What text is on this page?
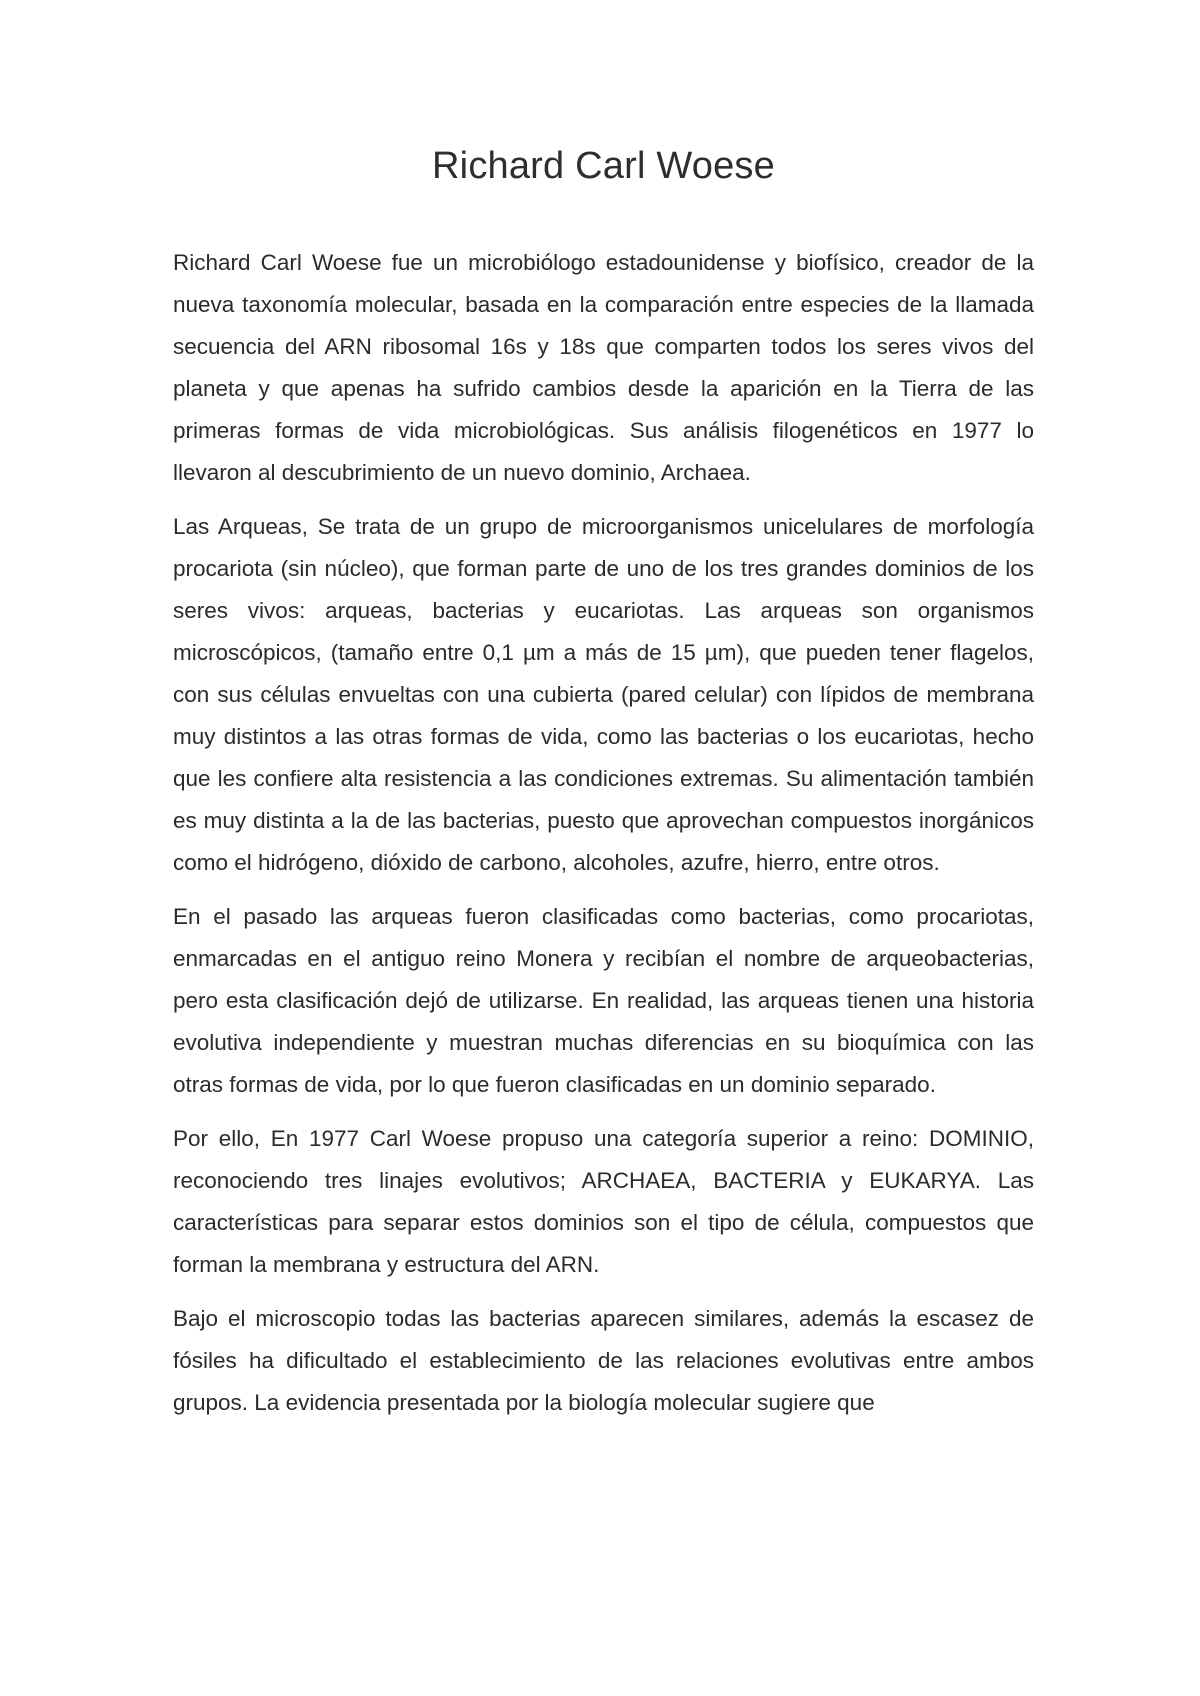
Richard Carl Woese

Richard Carl Woese fue un microbiólogo estadounidense y biofísico, creador de la nueva taxonomía molecular, basada en la comparación entre especies de la llamada secuencia del ARN ribosomal 16s y 18s que comparten todos los seres vivos del planeta y que apenas ha sufrido cambios desde la aparición en la Tierra de las primeras formas de vida microbiológicas. Sus análisis filogenéticos en 1977 lo llevaron al descubrimiento de un nuevo dominio, Archaea.

Las Arqueas, Se trata de un grupo de microorganismos unicelulares de morfología procariota (sin núcleo), que forman parte de uno de los tres grandes dominios de los seres vivos: arqueas, bacterias y eucariotas. Las arqueas son organismos microscópicos, (tamaño entre 0,1 µm a más de 15 µm), que pueden tener flagelos, con sus células envueltas con una cubierta (pared celular) con lípidos de membrana muy distintos a las otras formas de vida, como las bacterias o los eucariotas, hecho que les confiere alta resistencia a las condiciones extremas. Su alimentación también es muy distinta a la de las bacterias, puesto que aprovechan compuestos inorgánicos como el hidrógeno, dióxido de carbono, alcoholes, azufre, hierro, entre otros.

En el pasado las arqueas fueron clasificadas como bacterias, como procariotas, enmarcadas en el antiguo reino Monera y recibían el nombre de arqueobacterias, pero esta clasificación dejó de utilizarse. En realidad, las arqueas tienen una historia evolutiva independiente y muestran muchas diferencias en su bioquímica con las otras formas de vida, por lo que fueron clasificadas en un dominio separado.

Por ello, En 1977 Carl Woese propuso una categoría superior a reino: DOMINIO, reconociendo tres linajes evolutivos; ARCHAEA, BACTERIA y EUKARYA. Las características para separar estos dominios son el tipo de célula, compuestos que forman la membrana y estructura del ARN.

Bajo el microscopio todas las bacterias aparecen similares, además la escasez de fósiles ha dificultado el establecimiento de las relaciones evolutivas entre ambos grupos. La evidencia presentada por la biología molecular sugiere que
